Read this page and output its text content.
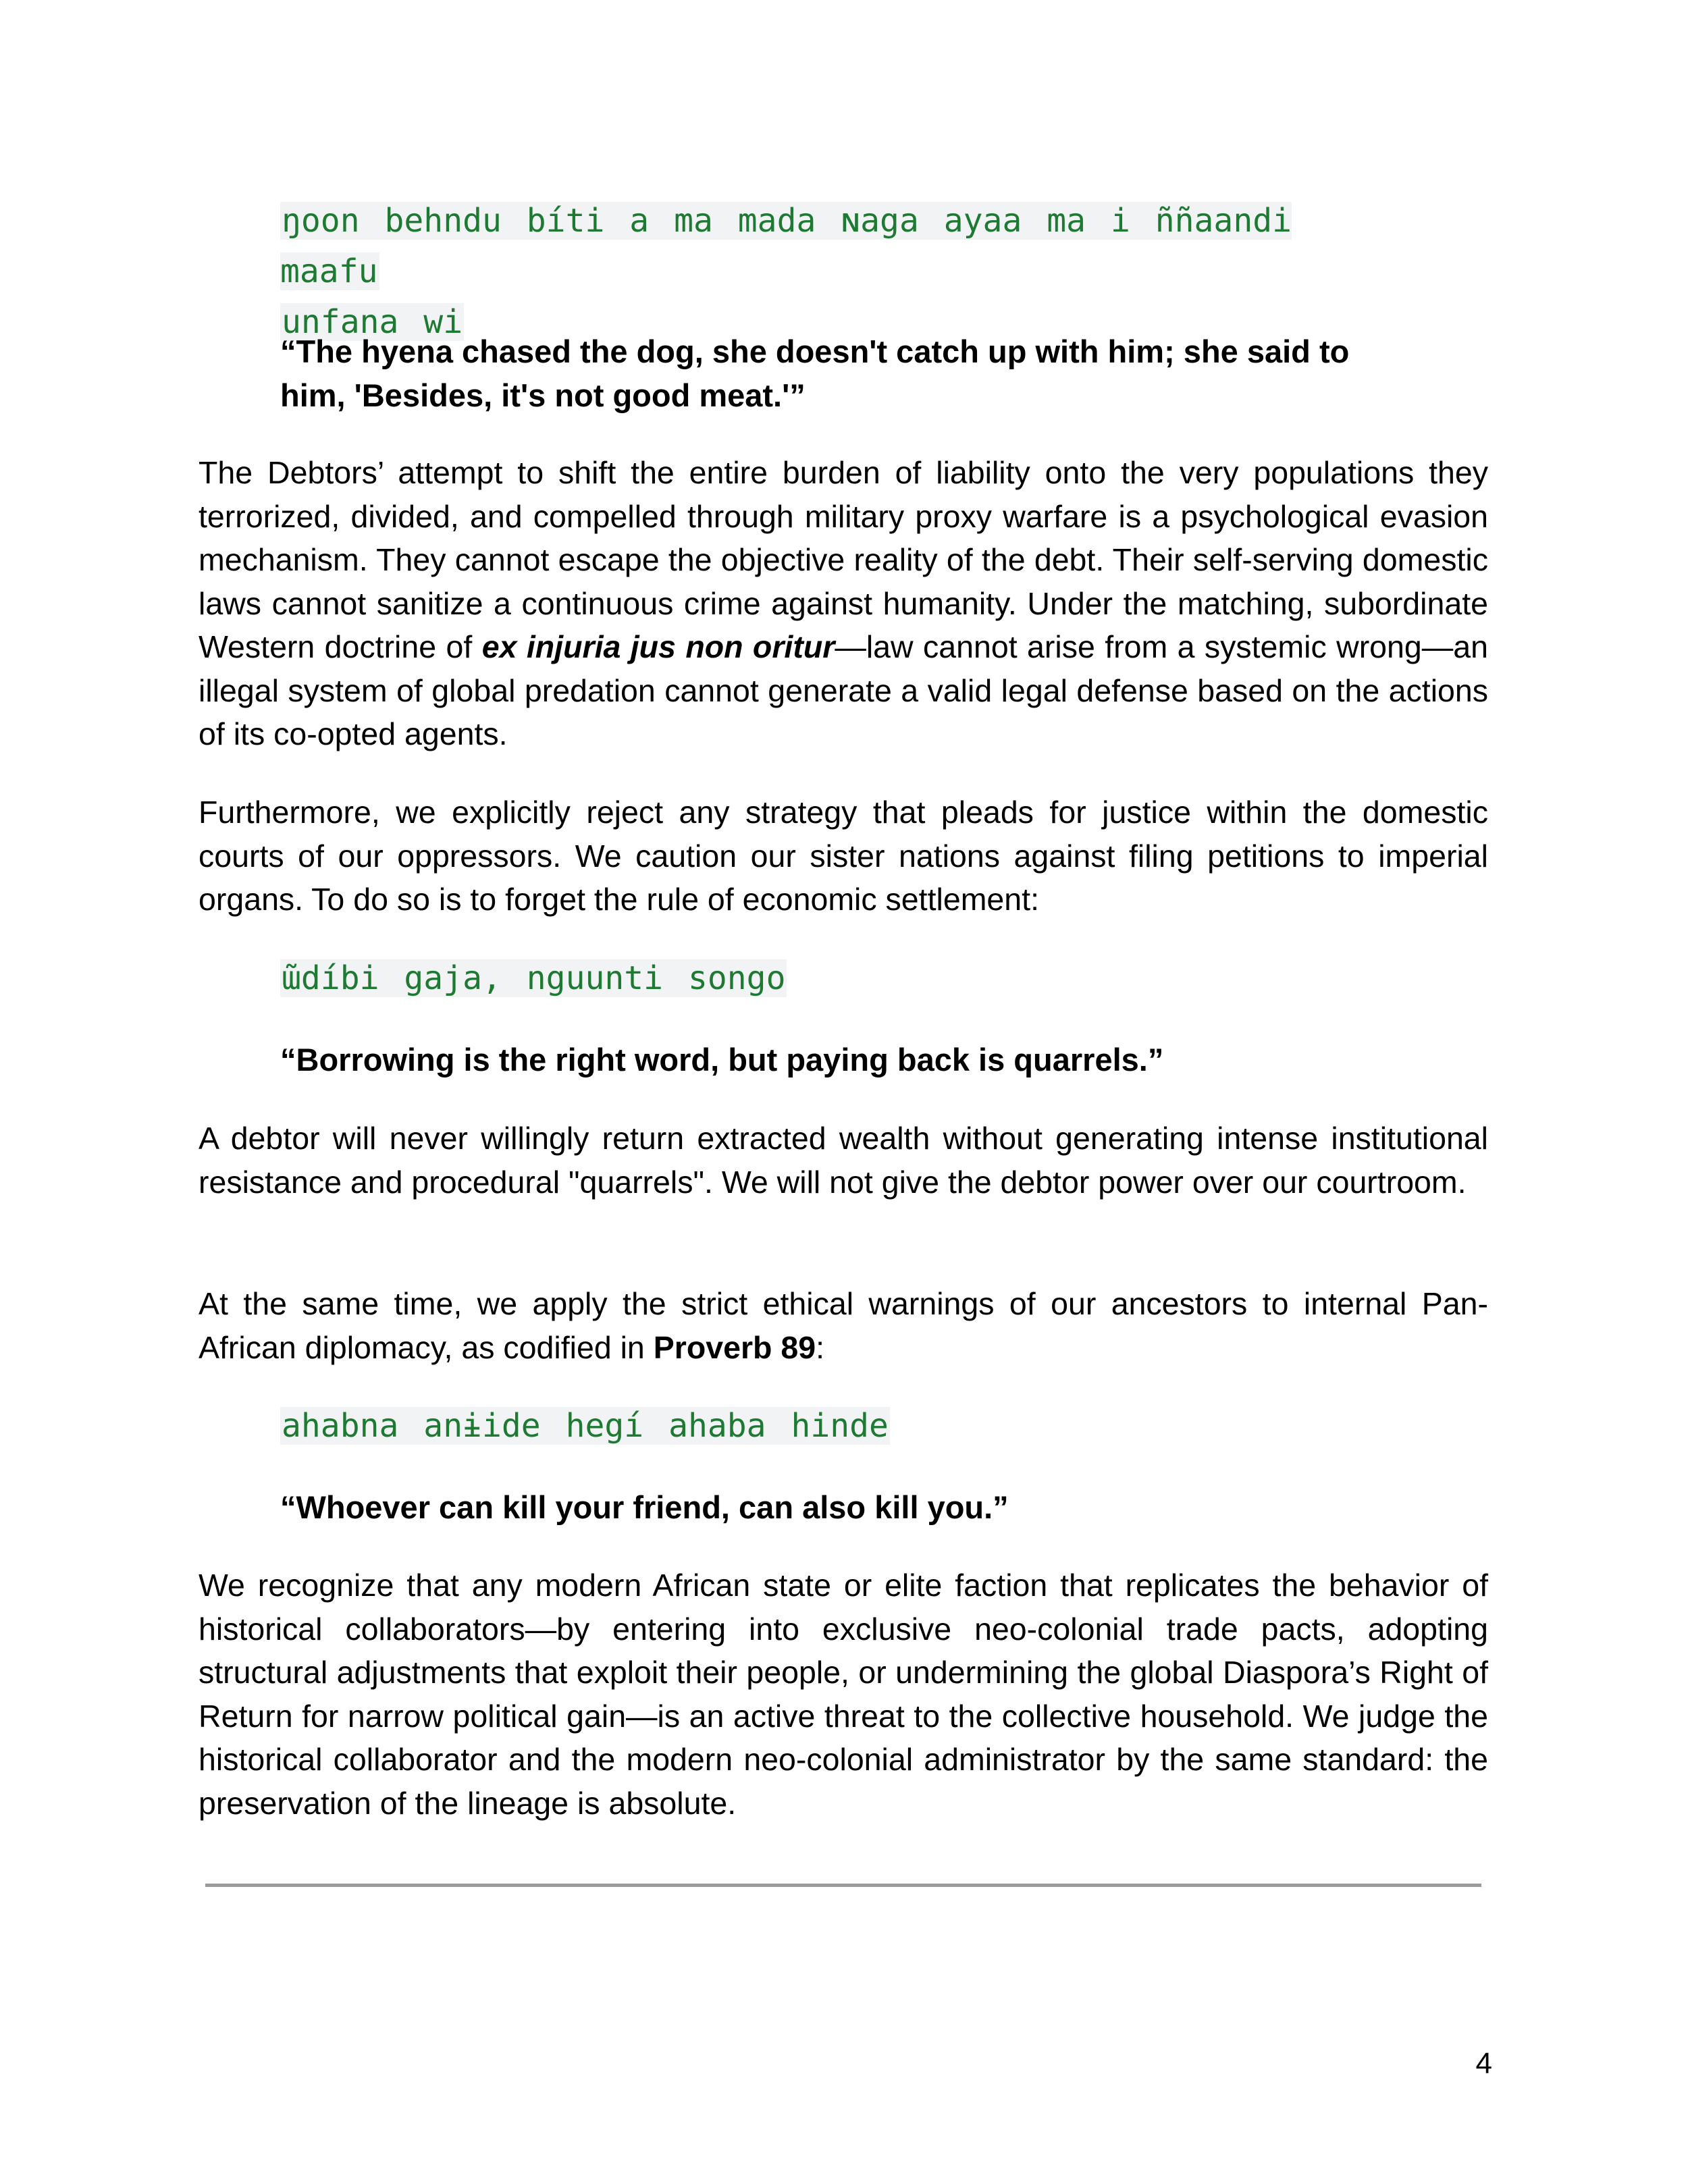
ŋoon behndu bíti a ma mada ɴaga ayaa ma i ññaandi maafu

unfana wi

“The hyena chased the dog, she doesn't catch up with him; she said to
him, 'Besides, it's not good meat.'”

The Debtors’ attempt to shift the entire burden of liability onto the very populations they terrorized, divided, and compelled through military proxy warfare is a psychological evasion mechanism. They cannot escape the objective reality of the debt. Their self-serving domestic laws cannot sanitize a continuous crime against humanity. Under the matching, subordinate Western doctrine of ex injuria jus non oritur—law cannot arise from a systemic wrong—an illegal system of global predation cannot generate a valid legal defense based on the actions of its co-opted agents.

Furthermore, we explicitly reject any strategy that pleads for justice within the domestic courts of our oppressors. We caution our sister nations against filing petitions to imperial organs. To do so is to forget the rule of economic settlement:

ɯ̃díbi gaja, nguunti songo

“Borrowing is the right word, but paying back is quarrels.”

A debtor will never willingly return extracted wealth without generating intense institutional resistance and procedural "quarrels". We will not give the debtor power over our courtroom.

At the same time, we apply the strict ethical warnings of our ancestors to internal Pan-African diplomacy, as codified in Proverb 89:

ahabna anɨide hegí ahaba hinde

“Whoever can kill your friend, can also kill you.”

We recognize that any modern African state or elite faction that replicates the behavior of historical collaborators—by entering into exclusive neo-colonial trade pacts, adopting structural adjustments that exploit their people, or undermining the global Diaspora’s Right of Return for narrow political gain—is an active threat to the collective household. We judge the historical collaborator and the modern neo-colonial administrator by the same standard: the preservation of the lineage is absolute.

4
